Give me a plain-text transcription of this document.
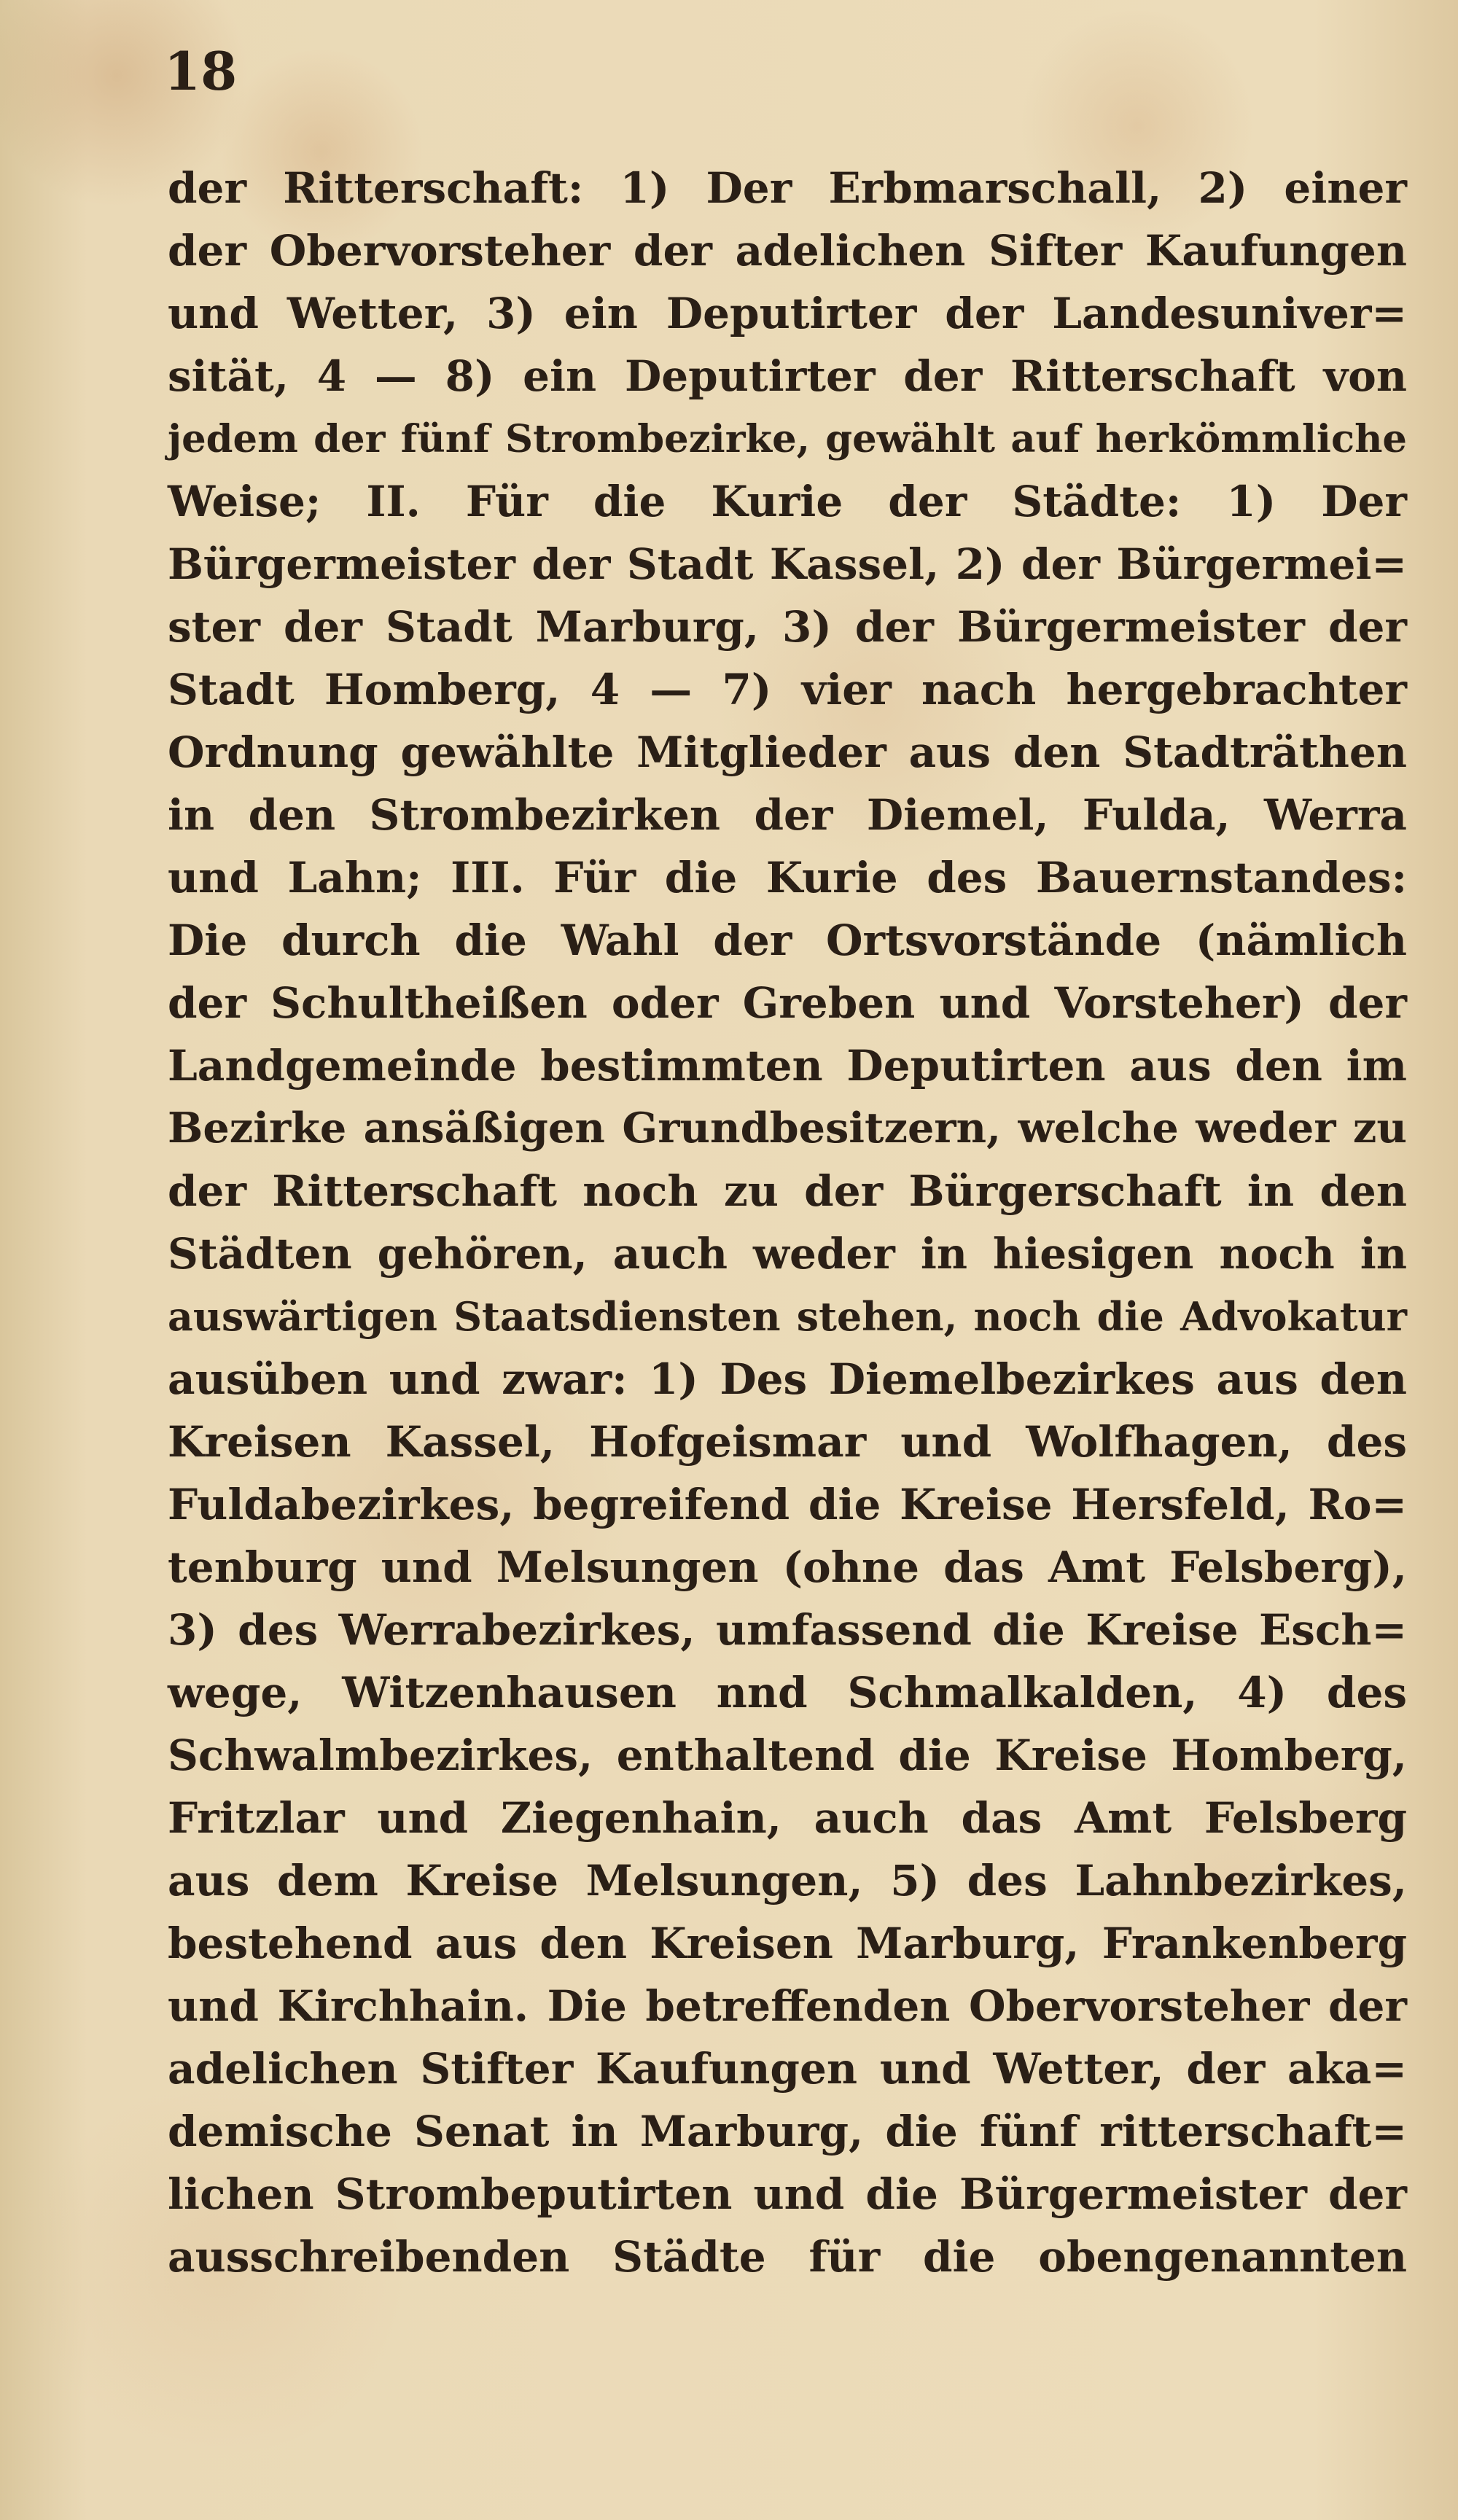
18
der Ritterschaft: 1) Der Erbmarschall, 2) einer
der Obervorsteher der adelichen Sifter Kaufungen
und Wetter, 3) ein Deputirter der Landesuniver=
sität, 4 — 8) ein Deputirter der Ritterschaft von
jedem der fünf Strombezirke, gewählt auf herkömmliche
Weise; II. Für die Kurie der Städte: 1) Der
Bürgermeister der Stadt Kassel, 2) der Bürgermei=
ster der Stadt Marburg, 3) der Bürgermeister der
Stadt Homberg, 4 — 7) vier nach hergebrachter
Ordnung gewählte Mitglieder aus den Stadträthen
in den Strombezirken der Diemel, Fulda, Werra
und Lahn; III. Für die Kurie des Bauernstandes:
Die durch die Wahl der Ortsvorstände (nämlich
der Schultheißen oder Greben und Vorsteher) der
Landgemeinde bestimmten Deputirten aus den im
Bezirke ansäßigen Grundbesitzern, welche weder zu
der Ritterschaft noch zu der Bürgerschaft in den
Städten gehören, auch weder in hiesigen noch in
auswärtigen Staatsdiensten stehen, noch die Advokatur
ausüben und zwar: 1) Des Diemelbezirkes aus den
Kreisen Kassel, Hofgeismar und Wolfhagen, des
Fuldabezirkes, begreifend die Kreise Hersfeld, Ro=
tenburg und Melsungen (ohne das Amt Felsberg),
3) des Werrabezirkes, umfassend die Kreise Esch=
wege, Witzenhausen nnd Schmalkalden, 4) des
Schwalmbezirkes, enthaltend die Kreise Homberg,
Fritzlar und Ziegenhain, auch das Amt Felsberg
aus dem Kreise Melsungen, 5) des Lahnbezirkes,
bestehend aus den Kreisen Marburg, Frankenberg
und Kirchhain. Die betreffenden Obervorsteher der
adelichen Stifter Kaufungen und Wetter, der aka=
demische Senat in Marburg, die fünf ritterschaft=
lichen Strombeputirten und die Bürgermeister der
ausschreibenden Städte für die obengenannten
